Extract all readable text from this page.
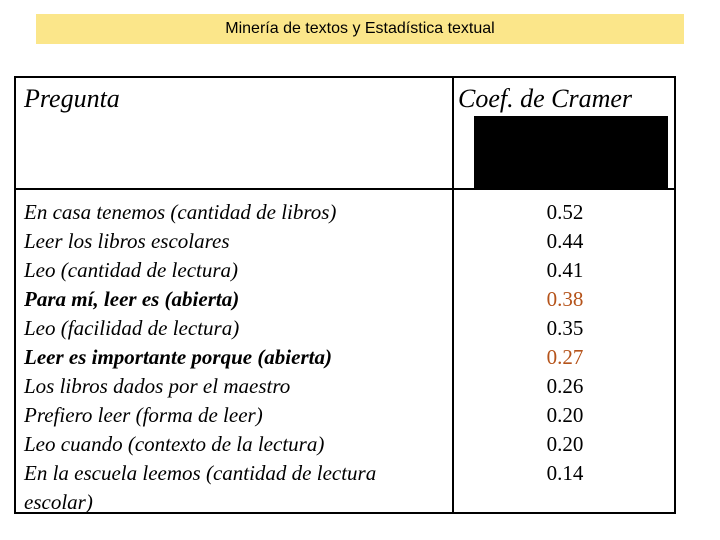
Minería de textos y Estadística textual
Pregunta	Coef. de Cramer
En casa tenemos (cantidad de libros)
Leer los libros escolares
Leo (cantidad de lectura)
Para mí, leer es (abierta)
Leo (facilidad de lectura)
Leer es importante porque (abierta)
Los libros dados por el maestro
Prefiero leer (forma de leer)
Leo cuando (contexto de la lectura)
En la escuela leemos (cantidad de lectura escolar)
0.52
0.44
0.41
0.38
0.35
0.27
0.26
0.20
0.20
0.14
